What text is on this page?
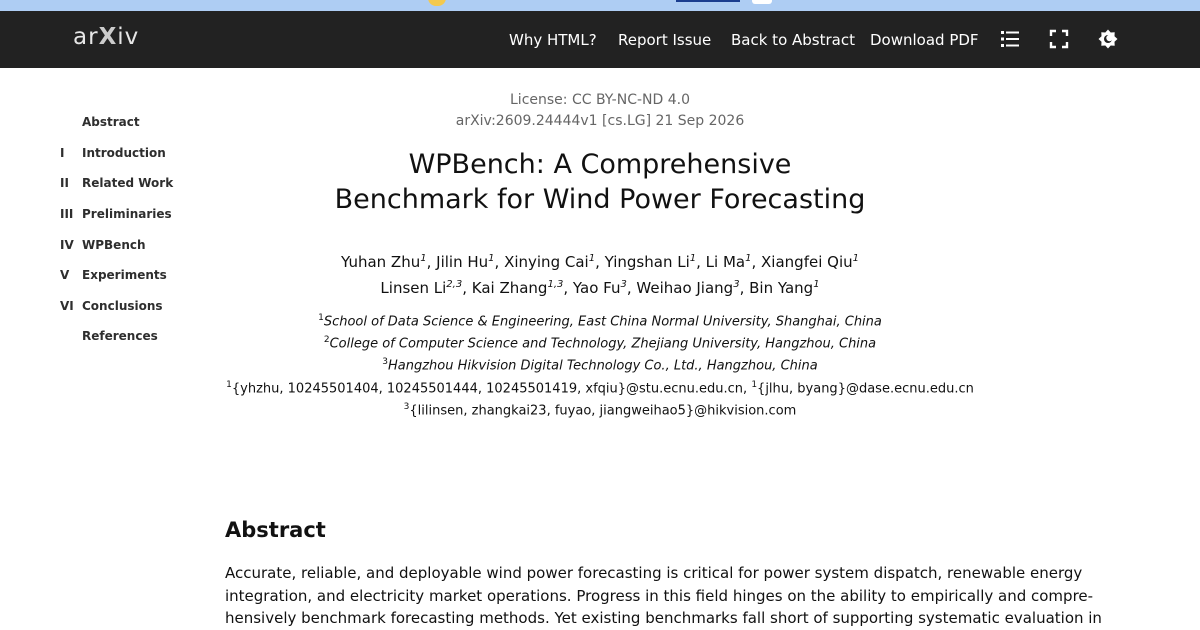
arXiv	Why HTML? Report Issue Back to Abstract Download PDF
Abstract
I	Introduction
II	Related Work
III Preliminaries
IV WPBench
V	Experiments
VI Conclusions
References
License: CC BY-NC-ND 4.0
arXiv:2609.24444v1 [cs.LG] 21 Sep 2026
WPBench: A Comprehensive
Benchmark for Wind Power Forecasting
Yuhan Zhu$^1$, Jilin Hu$^1$, Xinying Cai$^1$, Yingshan Li$^1$, Li Ma$^1$, Xiangfei Qiu$^1$
Linsen Li$^{2,3}$, Kai Zhang$^{1,3}$, Yao Fu$^3$, Weihao Jiang$^3$, Bin Yang$^1$
$^1$School of Data Science & Engineering, East China Normal University, Shanghai, China
$^2$College of Computer Science and Technology, Zhejiang University, Hangzhou, China
$^3$Hangzhou Hikvision Digital Technology Co., Ltd., Hangzhou, China
$^1${yhzhu, 10245501404, 10245501444, 10245501419, xfqiu}@stu.ecnu.edu.cn, $^1${jlhu, byang}@dase.ecnu.edu.cn
$^3${lilinsen, zhangkai23, fuyao, jiangweihao5}@hikvision.com
Abstract
Accurate, reliable, and deployable wind power forecasting is critical for power system dispatch, renewable energy
integration, and electricity market operations. Progress in this field hinges on the ability to empirically and compre-
hensively benchmark forecasting methods. Yet existing benchmarks fall short of supporting systematic evaluation in
